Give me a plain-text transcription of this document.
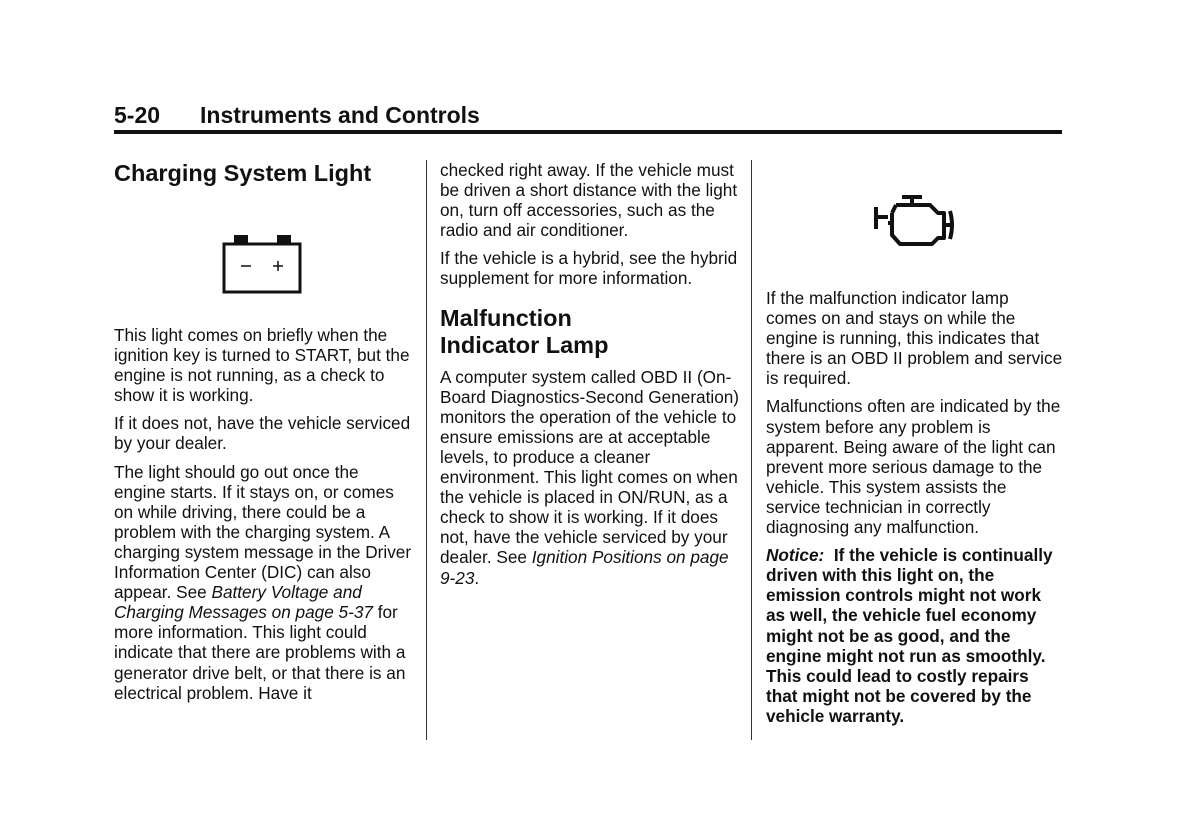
5-20 Instruments and Controls
Charging System Light

This light comes on briefly when the ignition key is turned to START, but the engine is not running, as a check to show it is working.

If it does not, have the vehicle serviced by your dealer.

The light should go out once the engine starts. If it stays on, or comes on while driving, there could be a problem with the charging system. A charging system message in the Driver Information Center (DIC) can also appear. See Battery Voltage and Charging Messages on page 5‑37 for more information. This light could indicate that there are problems with a generator drive belt, or that there is an electrical problem. Have it

checked right away. If the vehicle must be driven a short distance with the light on, turn off accessories, such as the radio and air conditioner.

If the vehicle is a hybrid, see the hybrid supplement for more information.

Malfunction
Indicator Lamp

A computer system called OBD II (On-Board Diagnostics-Second Generation) monitors the operation of the vehicle to ensure emissions are at acceptable levels, to produce a cleaner environment. This light comes on when the vehicle is placed in ON/RUN, as a check to show it is working. If it does not, have the vehicle serviced by your dealer. See Ignition Positions on page 9‑23.

If the malfunction indicator lamp comes on and stays on while the engine is running, this indicates that there is an OBD II problem and service is required.

Malfunctions often are indicated by the system before any problem is apparent. Being aware of the light can prevent more serious damage to the vehicle. This system assists the service technician in correctly diagnosing any malfunction.

Notice: If the vehicle is continually driven with this light on, the emission controls might not work as well, the vehicle fuel economy might not be as good, and the engine might not run as smoothly. This could lead to costly repairs that might not be covered by the vehicle warranty.
